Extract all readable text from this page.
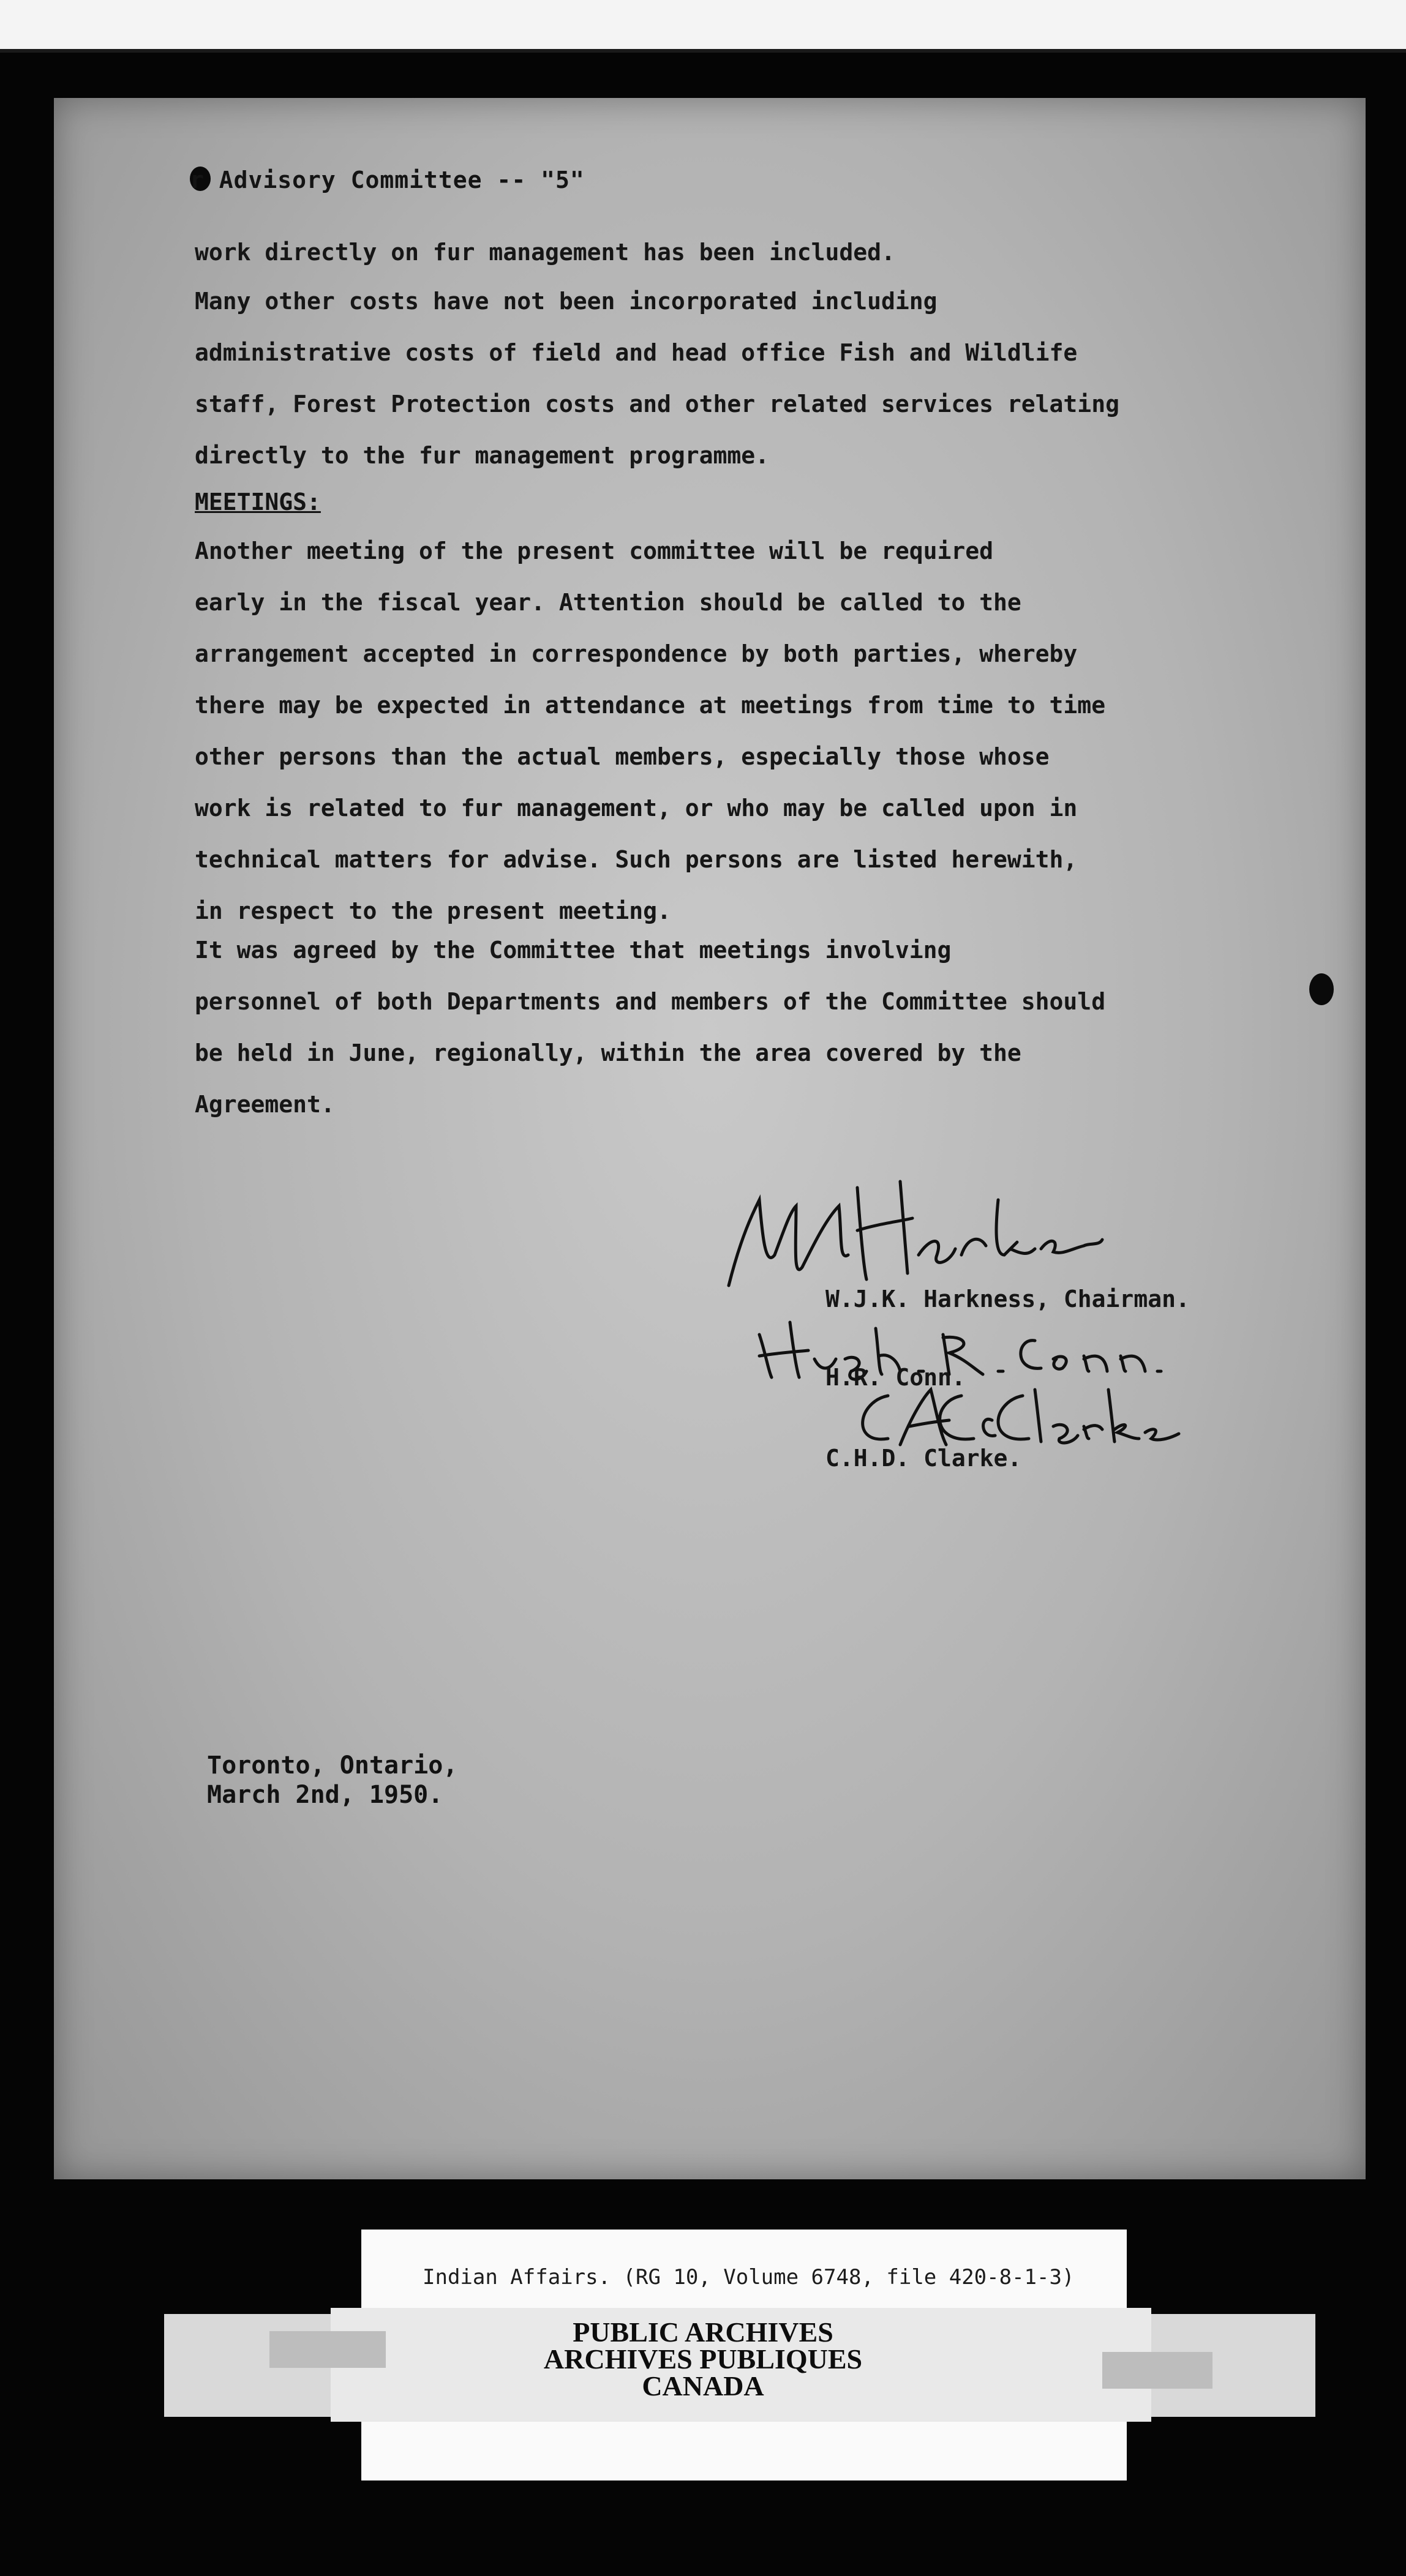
r Advisory Committee -- "5"
work directly on fur management has been included.
Many other costs have not been incorporated including
administrative costs of field and head office Fish and Wildlife
staff, Forest Protection costs and other related services relating
directly to the fur management programme.
MEETINGS:
Another meeting of the present committee will be required
early in the fiscal year. Attention should be called to the
arrangement accepted in correspondence by both parties, whereby
there may be expected in attendance at meetings from time to time
other persons than the actual members, especially those whose
work is related to fur management, or who may be called upon in
technical matters for advise. Such persons are listed herewith,
in respect to the present meeting.
It was agreed by the Committee that meetings involving
personnel of both Departments and members of the Committee should
be held in June, regionally, within the area covered by the
Agreement.
W.J.K. Harkness, Chairman.
H.R. Conn.
C.H.D. Clarke.
Toronto, Ontario,
March 2nd, 1950.
Indian Affairs. (RG 10, Volume 6748, file 420-8-1-3)
PUBLIC ARCHIVES
ARCHIVES PUBLIQUES
CANADA
